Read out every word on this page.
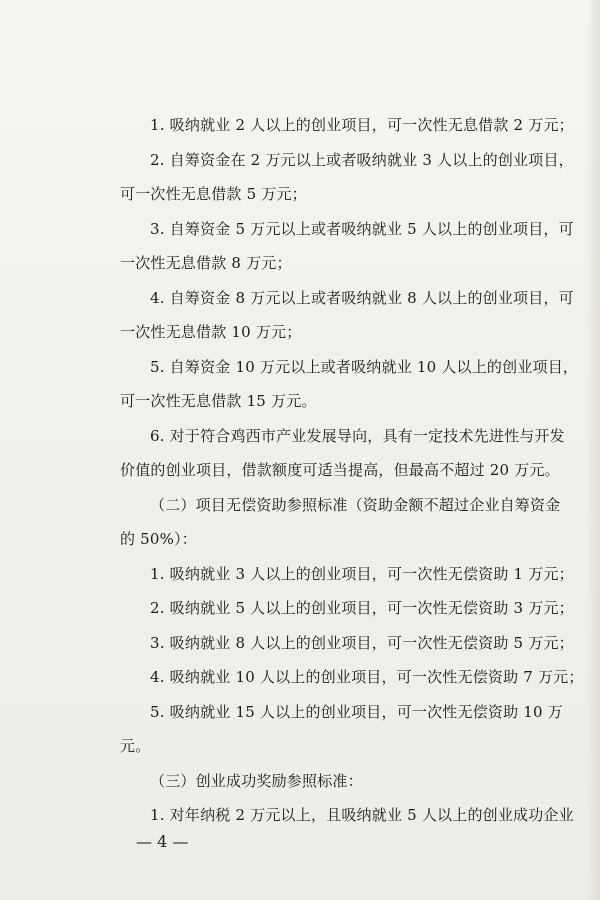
1. 吸纳就业 2 人以上的创业项目，可一次性无息借款 2 万元；
2. 自筹资金在 2 万元以上或者吸纳就业 3 人以上的创业项目，
可一次性无息借款 5 万元；
3. 自筹资金 5 万元以上或者吸纳就业 5 人以上的创业项目，可
一次性无息借款 8 万元；
4. 自筹资金 8 万元以上或者吸纳就业 8 人以上的创业项目，可
一次性无息借款 10 万元；
5. 自筹资金 10 万元以上或者吸纳就业 10 人以上的创业项目，
可一次性无息借款 15 万元。
6. 对于符合鸡西市产业发展导向，具有一定技术先进性与开发
价值的创业项目，借款额度可适当提高，但最高不超过 20 万元。
（二）项目无偿资助参照标准（资助金额不超过企业自筹资金
的 50%）：
1. 吸纳就业 3 人以上的创业项目，可一次性无偿资助 1 万元；
2. 吸纳就业 5 人以上的创业项目，可一次性无偿资助 3 万元；
3. 吸纳就业 8 人以上的创业项目，可一次性无偿资助 5 万元；
4. 吸纳就业 10 人以上的创业项目，可一次性无偿资助 7 万元；
5. 吸纳就业 15 人以上的创业项目，可一次性无偿资助 10 万
元。
（三）创业成功奖励参照标准：
1. 对年纳税 2 万元以上，且吸纳就业 5 人以上的创业成功企业
— 4 —
